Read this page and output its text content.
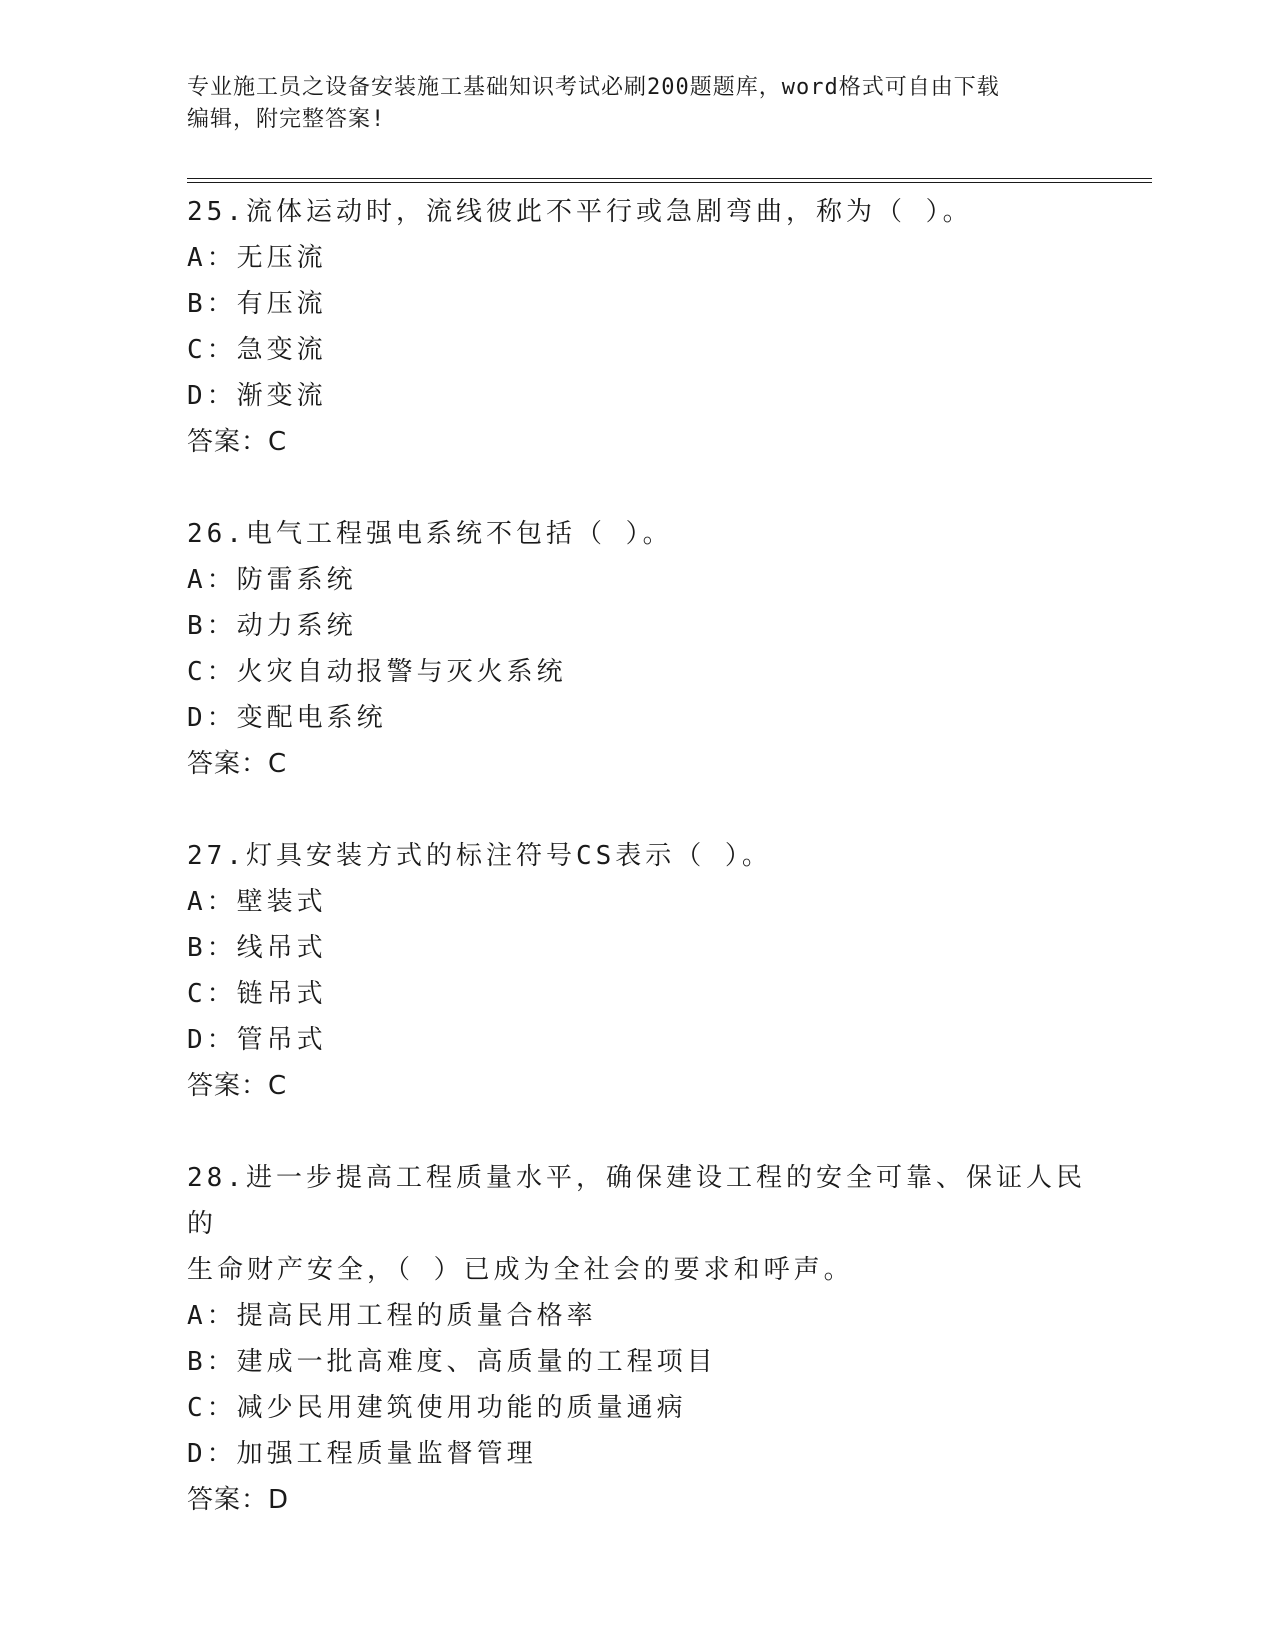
专业施工员之设备安装施工基础知识考试必刷200题题库，word格式可自由下载
编辑，附完整答案!
25.流体运动时，流线彼此不平行或急剧弯曲，称为（ ）。
A：无压流
B：有压流
C：急变流
D：渐变流
答案：C
26.电气工程强电系统不包括（ ）。
A：防雷系统
B：动力系统
C：火灾自动报警与灭火系统
D：变配电系统
答案：C
27.灯具安装方式的标注符号CS表示（ ）。
A：壁装式
B：线吊式
C：链吊式
D：管吊式
答案：C
28.进一步提高工程质量水平，确保建设工程的安全可靠、保证人民的
生命财产安全，（ ）已成为全社会的要求和呼声。
A：提高民用工程的质量合格率
B：建成一批高难度、高质量的工程项目
C：减少民用建筑使用功能的质量通病
D：加强工程质量监督管理
答案：D
